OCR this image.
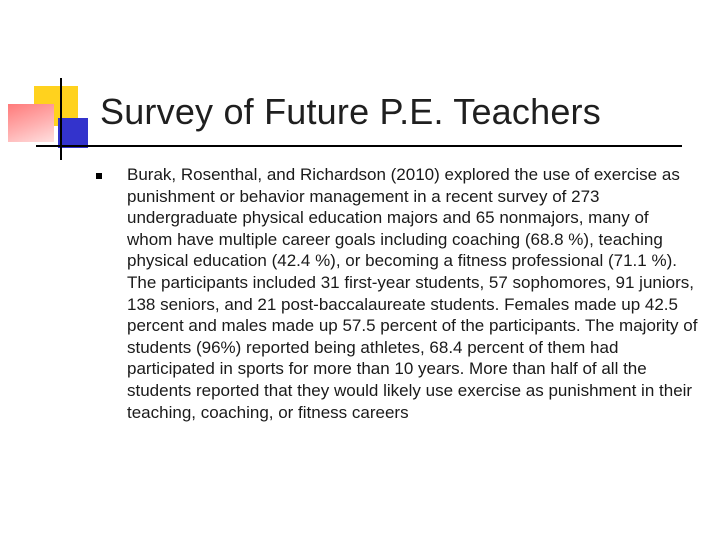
Survey of Future P.E. Teachers

Burak, Rosenthal, and Richardson (2010) explored the use of exercise as punishment or behavior management in a recent survey of 273 undergraduate physical education majors and 65 nonmajors, many of whom have multiple career goals including coaching (68.8 %), teaching physical education (42.4 %), or becoming a fitness professional (71.1 %). The participants included 31 first-year students, 57 sophomores, 91 juniors, 138 seniors, and 21 post-baccalaureate students. Females made up 42.5 percent and males made up 57.5 percent of the participants. The majority of students (96%) reported being athletes, 68.4 percent of them had participated in sports for more than 10 years. More than half of all the students reported that they would likely use exercise as punishment in their teaching, coaching, or fitness careers
